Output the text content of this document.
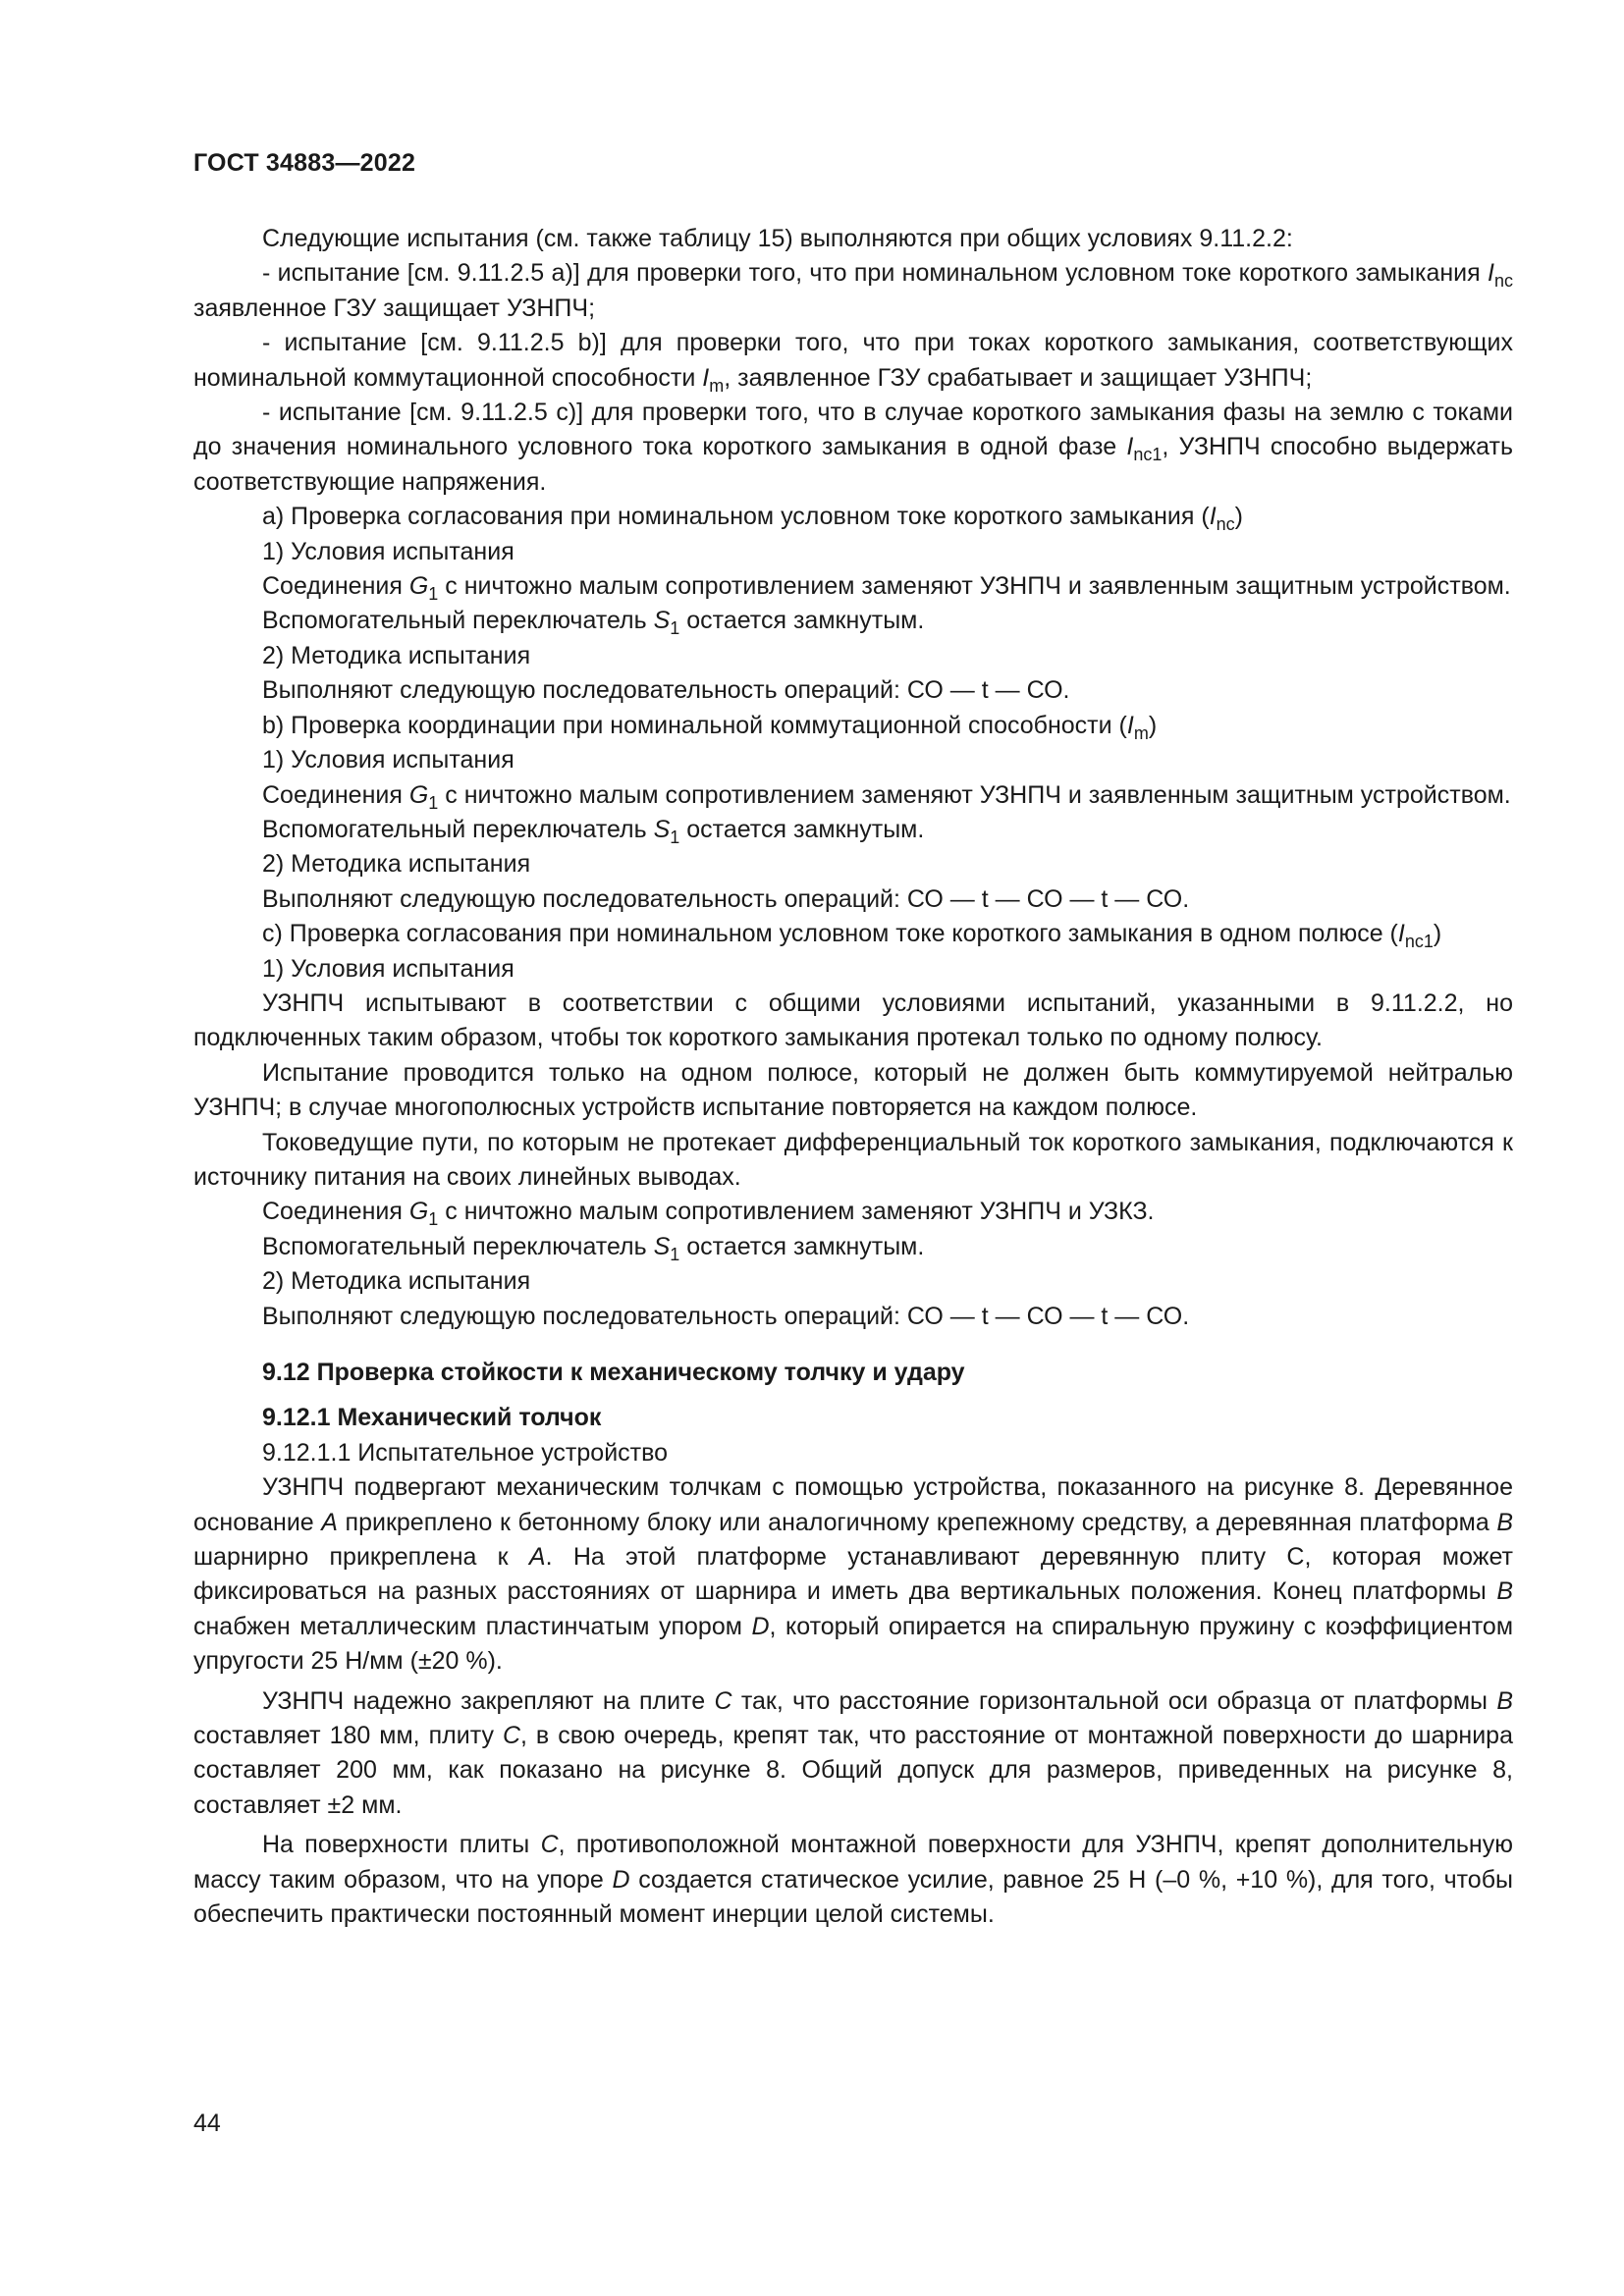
ГОСТ 34883—2022

Следующие испытания (см. также таблицу 15) выполняются при общих условиях 9.11.2.2:

- испытание [см. 9.11.2.5 а)] для проверки того, что при номинальном условном токе короткого замыкания $I_{nc}$ заявленное ГЗУ защищает УЗНПЧ;

- испытание [см. 9.11.2.5 b)] для проверки того, что при токах короткого замыкания, соответствующих номинальной коммутационной способности $I_m$, заявленное ГЗУ срабатывает и защищает УЗНПЧ;

- испытание [см. 9.11.2.5 с)] для проверки того, что в случае короткого замыкания фазы на землю с токами до значения номинального условного тока короткого замыкания в одной фазе $I_{nc1}$, УЗНПЧ способно выдержать соответствующие напряжения.

а) Проверка согласования при номинальном условном токе короткого замыкания $(I_{nc})$

1) Условия испытания

Соединения $G_1$ с ничтожно малым сопротивлением заменяют УЗНПЧ и заявленным защитным устройством.

Вспомогательный переключатель $S_1$ остается замкнутым.

2) Методика испытания

Выполняют следующую последовательность операций: СО — t — СО.

b) Проверка координации при номинальной коммутационной способности $(I_m)$

1) Условия испытания

Соединения $G_1$ с ничтожно малым сопротивлением заменяют УЗНПЧ и заявленным защитным устройством.

Вспомогательный переключатель $S_1$ остается замкнутым.

2) Методика испытания

Выполняют следующую последовательность операций: СО — t — СО — t — СО.

с) Проверка согласования при номинальном условном токе короткого замыкания в одном полюсе $(I_{nc1})$

1) Условия испытания

УЗНПЧ испытывают в соответствии с общими условиями испытаний, указанными в 9.11.2.2, но подключенных таким образом, чтобы ток короткого замыкания протекал только по одному полюсу.

Испытание проводится только на одном полюсе, который не должен быть коммутируемой нейтралью УЗНПЧ; в случае многополюсных устройств испытание повторяется на каждом полюсе.

Токоведущие пути, по которым не протекает дифференциальный ток короткого замыкания, подключаются к источнику питания на своих линейных выводах.

Соединения $G_1$ с ничтожно малым сопротивлением заменяют УЗНПЧ и УЗКЗ.

Вспомогательный переключатель $S_1$ остается замкнутым.

2) Методика испытания

Выполняют следующую последовательность операций: СО — t — СО — t — СО.

9.12 Проверка стойкости к механическому толчку и удару

9.12.1 Механический толчок

9.12.1.1 Испытательное устройство

УЗНПЧ подвергают механическим толчкам с помощью устройства, показанного на рисунке 8. Деревянное основание A прикреплено к бетонному блоку или аналогичному крепежному средству, а деревянная платформа B шарнирно прикреплена к A. На этой платформе устанавливают деревянную плиту С, которая может фиксироваться на разных расстояниях от шарнира и иметь два вертикальных положения. Конец платформы B снабжен металлическим пластинчатым упором D, который опирается на спиральную пружину с коэффициентом упругости 25 Н/мм (±20 %).

УЗНПЧ надежно закрепляют на плите C так, что расстояние горизонтальной оси образца от платформы B составляет 180 мм, плиту C, в свою очередь, крепят так, что расстояние от монтажной поверхности до шарнира составляет 200 мм, как показано на рисунке 8. Общий допуск для размеров, приведенных на рисунке 8, составляет ±2 мм.

На поверхности плиты C, противоположной монтажной поверхности для УЗНПЧ, крепят дополнительную массу таким образом, что на упоре D создается статическое усилие, равное 25 Н (–0 %, +10 %), для того, чтобы обеспечить практически постоянный момент инерции целой системы.

44
